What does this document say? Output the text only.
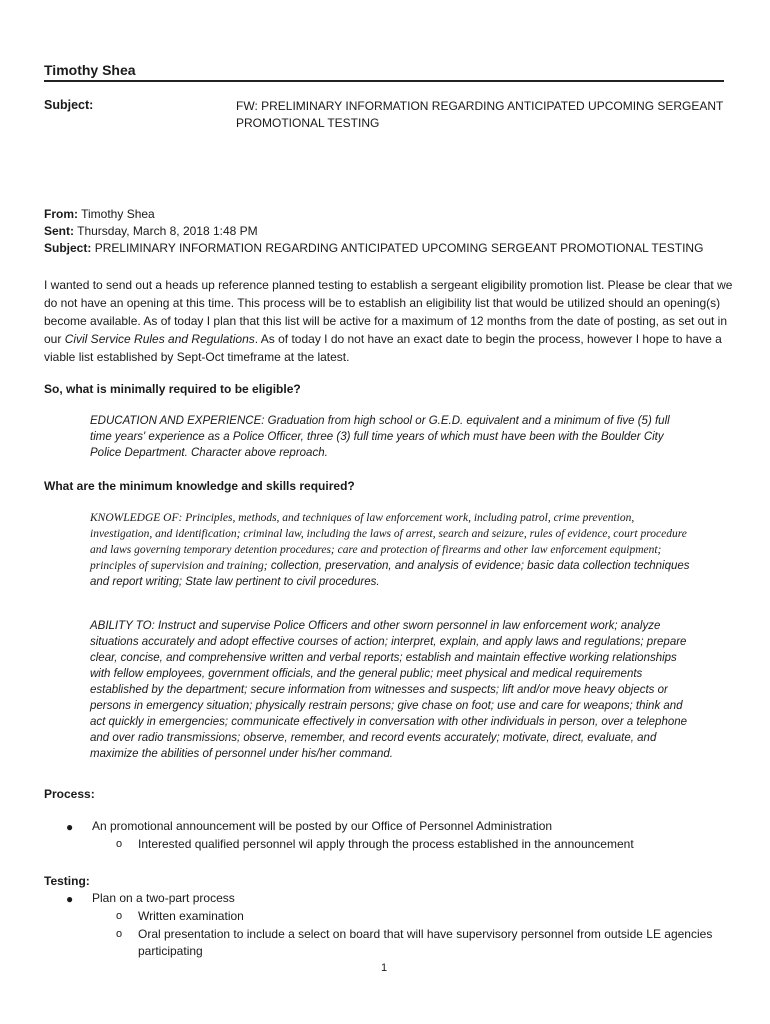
Timothy Shea
Subject:	FW: PRELIMINARY INFORMATION REGARDING ANTICIPATED UPCOMING SERGEANT PROMOTIONAL TESTING
From: Timothy Shea
Sent: Thursday, March 8, 2018 1:48 PM
Subject: PRELIMINARY INFORMATION REGARDING ANTICIPATED UPCOMING SERGEANT PROMOTIONAL TESTING
I wanted to send out a heads up reference planned testing to establish a sergeant eligibility promotion list. Please be clear that we do not have an opening at this time. This process will be to establish an eligibility list that would be utilized should an opening(s) become available. As of today I plan that this list will be active for a maximum of 12 months from the date of posting, as set out in our Civil Service Rules and Regulations. As of today I do not have an exact date to begin the process, however I hope to have a viable list established by Sept-Oct timeframe at the latest.
So, what is minimally required to be eligible?
EDUCATION AND EXPERIENCE: Graduation from high school or G.E.D. equivalent and a minimum of five (5) full time years' experience as a Police Officer, three (3) full time years of which must have been with the Boulder City Police Department. Character above reproach.
What are the minimum knowledge and skills required?
KNOWLEDGE OF: Principles, methods, and techniques of law enforcement work, including patrol, crime prevention, investigation, and identification; criminal law, including the laws of arrest, search and seizure, rules of evidence, court procedure and laws governing temporary detention procedures; care and protection of firearms and other law enforcement equipment; principles of supervision and training; collection, preservation, and analysis of evidence; basic data collection techniques and report writing; State law pertinent to civil procedures.
ABILITY TO: Instruct and supervise Police Officers and other sworn personnel in law enforcement work; analyze situations accurately and adopt effective courses of action; interpret, explain, and apply laws and regulations; prepare clear, concise, and comprehensive written and verbal reports; establish and maintain effective working relationships with fellow employees, government officials, and the general public; meet physical and medical requirements established by the department; secure information from witnesses and suspects; lift and/or move heavy objects or persons in emergency situation; physically restrain persons; give chase on foot; use and care for weapons; think and act quickly in emergencies; communicate effectively in conversation with other individuals in person, over a telephone and over radio transmissions; observe, remember, and record events accurately; motivate, direct, evaluate, and maximize the abilities of personnel under his/her command.
Process:
● An promotional announcement will be posted by our Office of Personnel Administration
o Interested qualified personnel wil apply through the process established in the announcement
Testing:
● Plan on a two-part process
o Written examination
o Oral presentation to include a select on board that will have supervisory personnel from outside LE agencies participating
1
